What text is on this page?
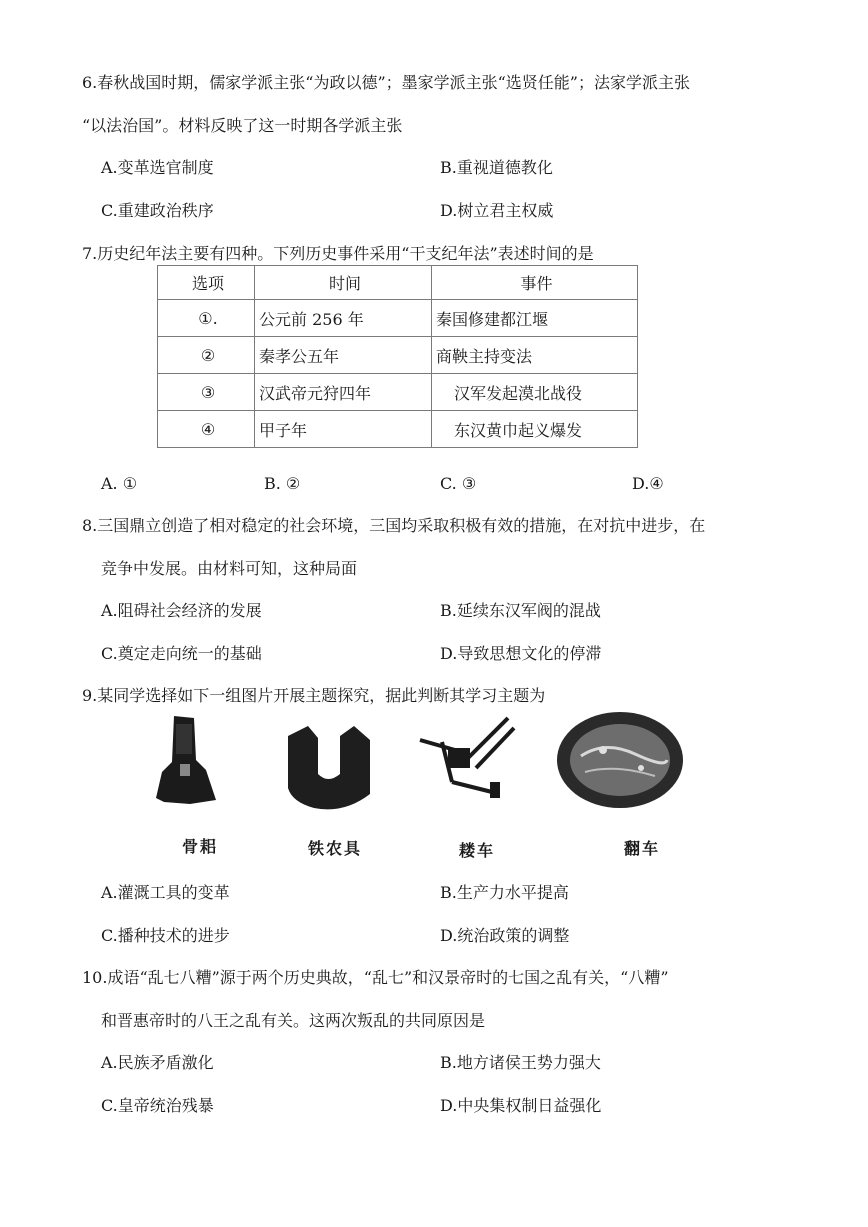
6.春秋战国时期，儒家学派主张“为政以德”；墨家学派主张“选贤任能”；法家学派主张
“以法治国”。材料反映了这一时期各学派主张
A.变革选官制度	B.重视道德教化
C.重建政治秩序	D.树立君主权威
7.历史纪年法主要有四种。下列历史事件采用“干支纪年法”表述时间的是
选项	时间	事件
①.	公元前 256 年	秦国修建都江堰
②	秦孝公五年	商鞅主持变法
③	汉武帝元狩四年	汉军发起漠北战役
④	甲子年	东汉黄巾起义爆发
A. ①	B. ②	C. ③	D.④
8.三国鼎立创造了相对稳定的社会环境，三国均采取积极有效的措施，在对抗中进步，在
竞争中发展。由材料可知，这种局面
A.阻碍社会经济的发展	B.延续东汉军阀的混战
C.奠定走向统一的基础	D.导致思想文化的停滞
9.某同学选择如下一组图片开展主题探究，据此判断其学习主题为
骨耜	铁农具	耧车	翻车
A.灌溉工具的变革	B.生产力水平提高
C.播种技术的进步	D.统治政策的调整
10.成语“乱七八糟”源于两个历史典故，“乱七”和汉景帝时的七国之乱有关，“八糟”
和晋惠帝时的八王之乱有关。这两次叛乱的共同原因是
A.民族矛盾激化	B.地方诸侯王势力强大
C.皇帝统治残暴	D.中央集权制日益强化
